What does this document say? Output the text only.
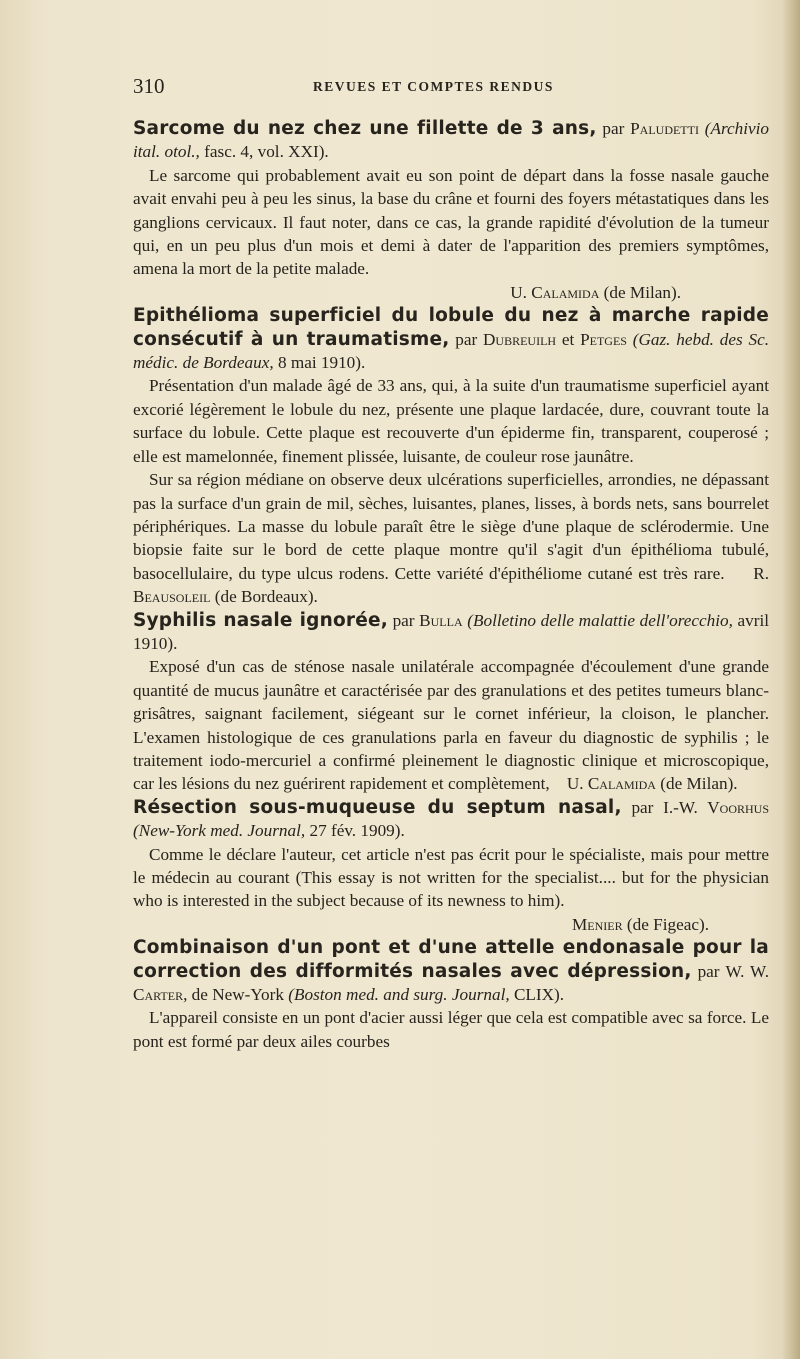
310	REVUES ET COMPTES RENDUS

Sarcome du nez chez une fillette de 3 ans, par Paludetti (Archivio ital. otol., fasc. 4, vol. XXI).

Le sarcome qui probablement avait eu son point de départ dans la fosse nasale gauche avait envahi peu à peu les sinus, la base du crâne et fourni des foyers métastatiques dans les ganglions cervicaux. Il faut noter, dans ce cas, la grande rapidité d'évolution de la tumeur qui, en un peu plus d'un mois et demi à dater de l'apparition des premiers symptômes, amena la mort de la petite malade.

U. Calamida (de Milan).

Epithélioma superficiel du lobule du nez à marche rapide consécutif à un traumatisme, par Dubreuilh et Petges (Gaz. hebd. des Sc. médic. de Bordeaux, 8 mai 1910).

Présentation d'un malade âgé de 33 ans, qui, à la suite d'un traumatisme superficiel ayant excorié légèrement le lobule du nez, présente une plaque lardacée, dure, couvrant toute la surface du lobule. Cette plaque est recouverte d'un épiderme fin, transparent, couperosé ; elle est mamelonnée, finement plissée, luisante, de couleur rose jaunâtre.

Sur sa région médiane on observe deux ulcérations superficielles, arrondies, ne dépassant pas la surface d'un grain de mil, sèches, luisantes, planes, lisses, à bords nets, sans bourrelet périphériques. La masse du lobule paraît être le siège d'une plaque de sclérodermie. Une biopsie faite sur le bord de cette plaque montre qu'il s'agit d'un épithélioma tubulé, basocellulaire, du type ulcus rodens. Cette variété d'épithéliome cutané est très rare. R. Beausoleil (de Bordeaux).

Syphilis nasale ignorée, par Bulla (Bolletino delle malattie dell'orecchio, avril 1910).

Exposé d'un cas de sténose nasale unilatérale accompagnée d'écoulement d'une grande quantité de mucus jaunâtre et caractérisée par des granulations et des petites tumeurs blanc-grisâtres, saignant facilement, siégeant sur le cornet inférieur, la cloison, le plancher. L'examen histologique de ces granulations parla en faveur du diagnostic de syphilis ; le traitement iodo-mercuriel a confirmé pleinement le diagnostic clinique et microscopique, car les lésions du nez guérirent rapidement et complètement, U. Calamida (de Milan).

Résection sous-muqueuse du septum nasal, par I.-W. Voorhus (New-York med. Journal, 27 fév. 1909).

Comme le déclare l'auteur, cet article n'est pas écrit pour le spécialiste, mais pour mettre le médecin au courant (This essay is not written for the specialist.... but for the physician who is interested in the subject because of its newness to him).

Menier (de Figeac).

Combinaison d'un pont et d'une attelle endonasale pour la correction des difformités nasales avec dépression, par W. W. Carter, de New-York (Boston med. and surg. Journal, CLIX).

L'appareil consiste en un pont d'acier aussi léger que cela est compatible avec sa force. Le pont est formé par deux ailes courbes
